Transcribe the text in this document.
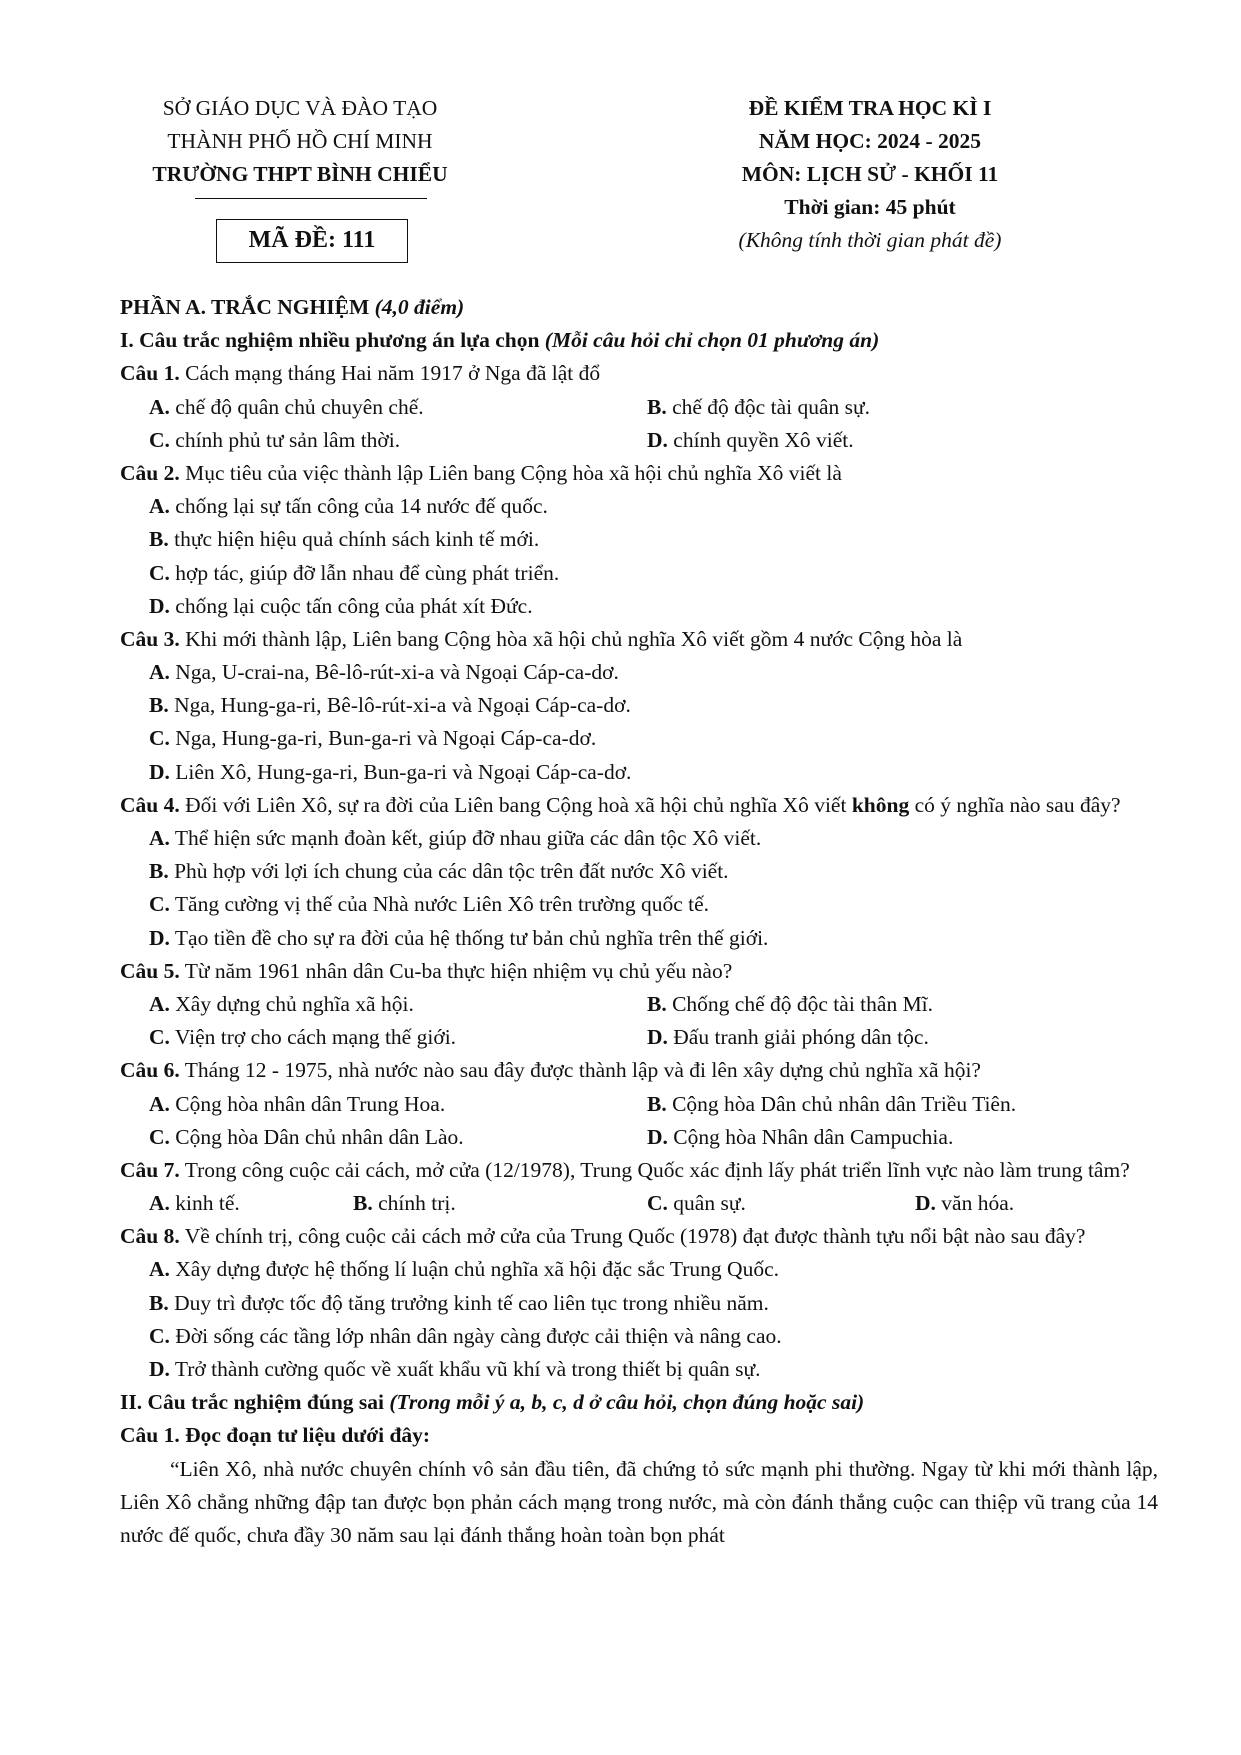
SỞ GIÁO DỤC VÀ ĐÀO TẠO
THÀNH PHỐ HỒ CHÍ MINH
TRƯỜNG THPT BÌNH CHIỂU
MÃ ĐỀ: 111
ĐỀ KIỂM TRA HỌC KÌ I
NĂM HỌC: 2024 - 2025
MÔN: LỊCH SỬ - KHỐI 11
Thời gian: 45 phút
(Không tính thời gian phát đề)
PHẦN A. TRẮC NGHIỆM (4,0 điểm)
I. Câu trắc nghiệm nhiều phương án lựa chọn (Mỗi câu hỏi chỉ chọn 01 phương án)
Câu 1. Cách mạng tháng Hai năm 1917 ở Nga đã lật đổ
A. chế độ quân chủ chuyên chế.	B. chế độ độc tài quân sự.
C. chính phủ tư sản lâm thời.	D. chính quyền Xô viết.
Câu 2. Mục tiêu của việc thành lập Liên bang Cộng hòa xã hội chủ nghĩa Xô viết là
A. chống lại sự tấn công của 14 nước đế quốc.
B. thực hiện hiệu quả chính sách kinh tế mới.
C. hợp tác, giúp đỡ lẫn nhau để cùng phát triển.
D. chống lại cuộc tấn công của phát xít Đức.
Câu 3. Khi mới thành lập, Liên bang Cộng hòa xã hội chủ nghĩa Xô viết gồm 4 nước Cộng hòa là
A. Nga, U-crai-na, Bê-lô-rút-xi-a và Ngoại Cáp-ca-dơ.
B. Nga, Hung-ga-ri, Bê-lô-rút-xi-a và Ngoại Cáp-ca-dơ.
C. Nga, Hung-ga-ri, Bun-ga-ri và Ngoại Cáp-ca-dơ.
D. Liên Xô, Hung-ga-ri, Bun-ga-ri và Ngoại Cáp-ca-dơ.
Câu 4. Đối với Liên Xô, sự ra đời của Liên bang Cộng hoà xã hội chủ nghĩa Xô viết không có ý nghĩa nào sau đây?
A. Thể hiện sức mạnh đoàn kết, giúp đỡ nhau giữa các dân tộc Xô viết.
B. Phù hợp với lợi ích chung của các dân tộc trên đất nước Xô viết.
C. Tăng cường vị thế của Nhà nước Liên Xô trên trường quốc tế.
D. Tạo tiền đề cho sự ra đời của hệ thống tư bản chủ nghĩa trên thế giới.
Câu 5. Từ năm 1961 nhân dân Cu-ba thực hiện nhiệm vụ chủ yếu nào?
A. Xây dựng chủ nghĩa xã hội.	B. Chống chế độ độc tài thân Mĩ.
C. Viện trợ cho cách mạng thế giới.	D. Đấu tranh giải phóng dân tộc.
Câu 6. Tháng 12 - 1975, nhà nước nào sau đây được thành lập và đi lên xây dựng chủ nghĩa xã hội?
A. Cộng hòa nhân dân Trung Hoa.	B. Cộng hòa Dân chủ nhân dân Triều Tiên.
C. Cộng hòa Dân chủ nhân dân Lào.	D. Cộng hòa Nhân dân Campuchia.
Câu 7. Trong công cuộc cải cách, mở cửa (12/1978), Trung Quốc xác định lấy phát triển lĩnh vực nào làm trung tâm?
A. kinh tế.	B. chính trị.	C. quân sự.	D. văn hóa.
Câu 8. Về chính trị, công cuộc cải cách mở cửa của Trung Quốc (1978) đạt được thành tựu nổi bật nào sau đây?
A. Xây dựng được hệ thống lí luận chủ nghĩa xã hội đặc sắc Trung Quốc.
B. Duy trì được tốc độ tăng trưởng kinh tế cao liên tục trong nhiều năm.
C. Đời sống các tầng lớp nhân dân ngày càng được cải thiện và nâng cao.
D. Trở thành cường quốc về xuất khẩu vũ khí và trong thiết bị quân sự.
II. Câu trắc nghiệm đúng sai (Trong mỗi ý a, b, c, d ở câu hỏi, chọn đúng hoặc sai)
Câu 1. Đọc đoạn tư liệu dưới đây:
“Liên Xô, nhà nước chuyên chính vô sản đầu tiên, đã chứng tỏ sức mạnh phi thường. Ngay từ khi mới thành lập, Liên Xô chẳng những đập tan được bọn phản cách mạng trong nước, mà còn đánh thắng cuộc can thiệp vũ trang của 14 nước đế quốc, chưa đầy 30 năm sau lại đánh thắng hoàn toàn bọn phát
